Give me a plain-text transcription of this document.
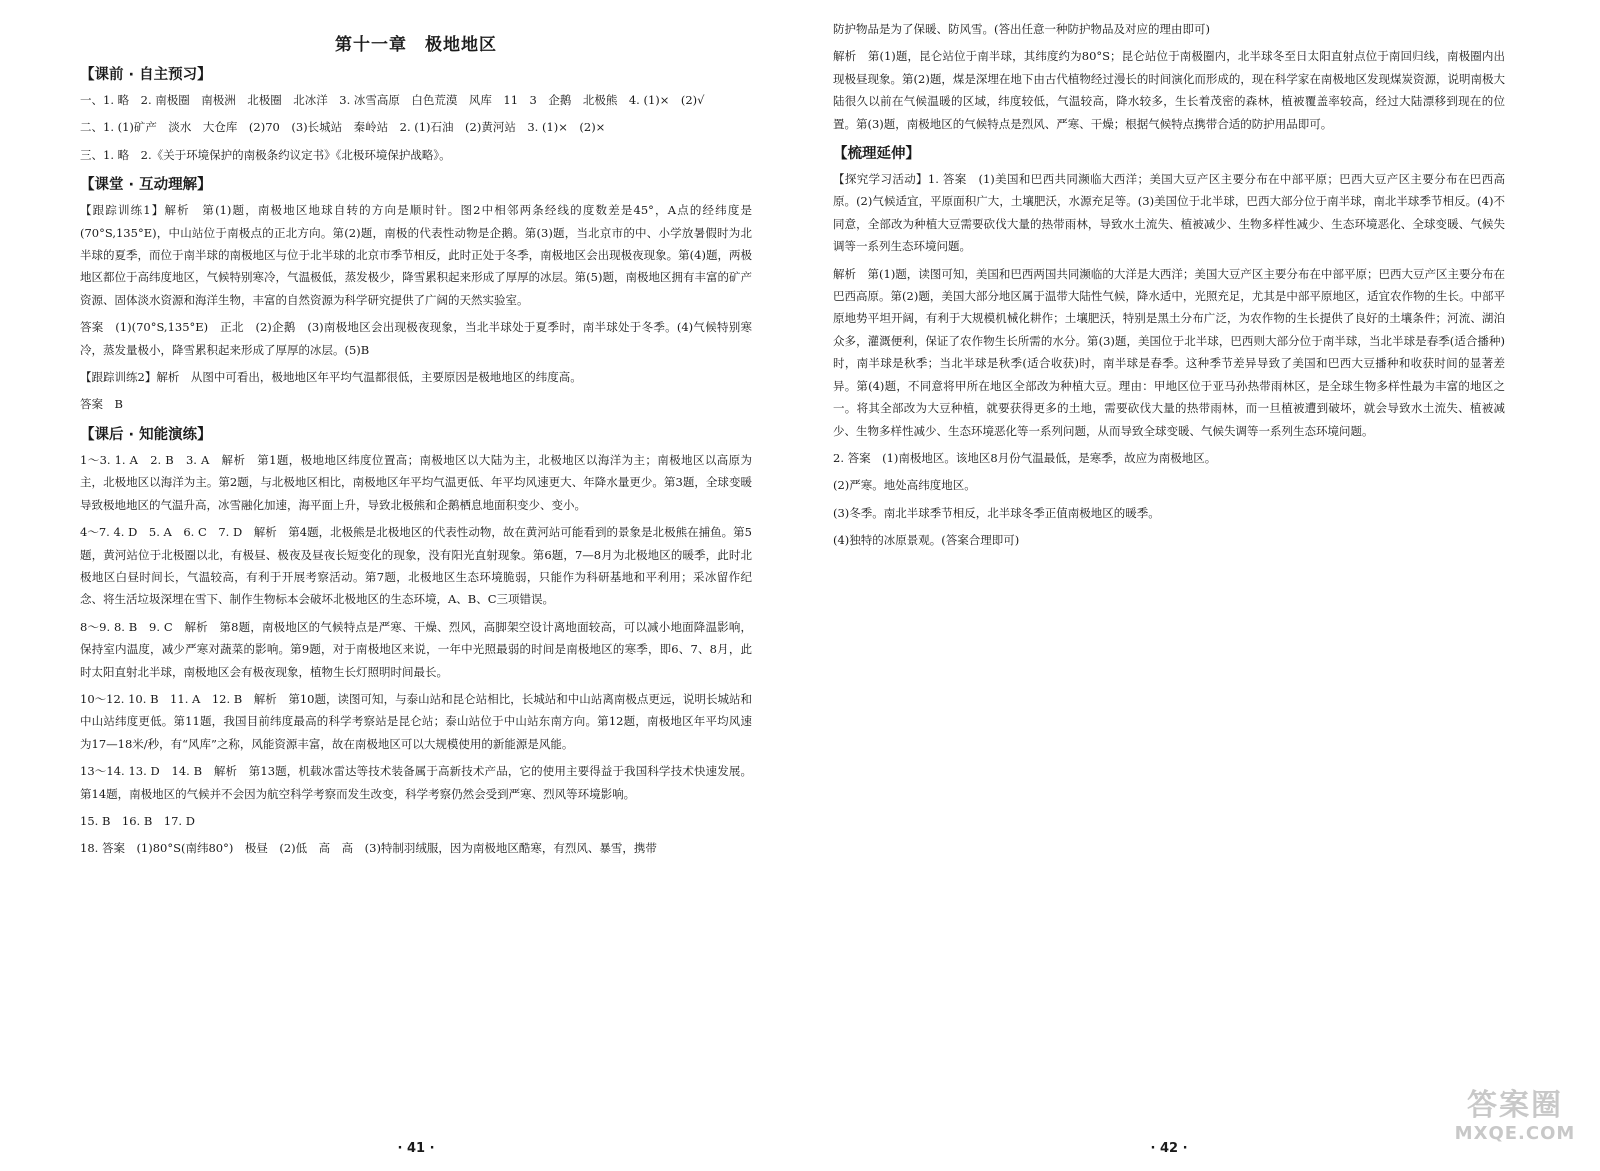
第十一章　极地地区
【课前 · 自主预习】

一、1. 略　2. 南极圈　南极洲　北极圈　北冰洋　3. 冰雪高原　白色荒漠　风库　11　3　企鹅　北极熊　4. (1)×　(2)√

二、1. (1)矿产　淡水　大仓库　(2)70　(3)长城站　秦岭站　2. (1)石油　(2)黄河站　3. (1)×　(2)×

三、1. 略　2.《关于环境保护的南极条约议定书》《北极环境保护战略》。

【课堂 · 互动理解】

【跟踪训练1】解析　第(1)题，南极地区地球自转的方向是顺时针。图2中相邻两条经线的度数差是45°，A点的经纬度是(70°S,135°E)，中山站位于南极点的正北方向。第(2)题，南极的代表性动物是企鹅。第(3)题，当北京市的中、小学放暑假时为北半球的夏季，而位于南半球的南极地区与位于北半球的北京市季节相反，此时正处于冬季，南极地区会出现极夜现象。第(4)题，两极地区都位于高纬度地区，气候特别寒冷，气温极低，蒸发极少，降雪累积起来形成了厚厚的冰层。第(5)题，南极地区拥有丰富的矿产资源、固体淡水资源和海洋生物，丰富的自然资源为科学研究提供了广阔的天然实验室。

答案　(1)(70°S,135°E)　正北　(2)企鹅　(3)南极地区会出现极夜现象，当北半球处于夏季时，南半球处于冬季。(4)气候特别寒冷，蒸发量极小，降雪累积起来形成了厚厚的冰层。(5)B

【跟踪训练2】解析　从图中可看出，极地地区年平均气温都很低，主要原因是极地地区的纬度高。

答案　B

【课后 · 知能演练】

1～3. 1. A　2. B　3. A　解析　第1题，极地地区纬度位置高；南极地区以大陆为主，北极地区以海洋为主；南极地区以高原为主，北极地区以海洋为主。第2题，与北极地区相比，南极地区年平均气温更低、年平均风速更大、年降水量更少。第3题，全球变暖导致极地地区的气温升高，冰雪融化加速，海平面上升，导致北极熊和企鹅栖息地面积变少、变小。

4～7. 4. D　5. A　6. C　7. D　解析　第4题，北极熊是北极地区的代表性动物，故在黄河站可能看到的景象是北极熊在捕鱼。第5题，黄河站位于北极圈以北，有极昼、极夜及昼夜长短变化的现象，没有阳光直射现象。第6题，7—8月为北极地区的暖季，此时北极地区白昼时间长，气温较高，有利于开展考察活动。第7题，北极地区生态环境脆弱，只能作为科研基地和平利用；采冰留作纪念、将生活垃圾深埋在雪下、制作生物标本会破坏北极地区的生态环境，A、B、C三项错误。

8～9. 8. B　9. C　解析　第8题，南极地区的气候特点是严寒、干燥、烈风，高脚架空设计离地面较高，可以减小地面降温影响，保持室内温度，减少严寒对蔬菜的影响。第9题，对于南极地区来说，一年中光照最弱的时间是南极地区的寒季，即6、7、8月，此时太阳直射北半球，南极地区会有极夜现象，植物生长灯照明时间最长。

10～12. 10. B　11. A　12. B　解析　第10题，读图可知，与泰山站和昆仑站相比，长城站和中山站离南极点更远，说明长城站和中山站纬度更低。第11题，我国目前纬度最高的科学考察站是昆仑站；泰山站位于中山站东南方向。第12题，南极地区年平均风速为17—18米/秒，有“风库”之称，风能资源丰富，故在南极地区可以大规模使用的新能源是风能。

13～14. 13. D　14. B　解析　第13题，机载冰雷达等技术装备属于高新技术产品，它的使用主要得益于我国科学技术快速发展。第14题，南极地区的气候并不会因为航空科学考察而发生改变，科学考察仍然会受到严寒、烈风等环境影响。

15. B　16. B　17. D

18. 答案　(1)80°S(南纬80°)　极昼　(2)低　高　高　(3)特制羽绒服，因为南极地区酷寒，有烈风、暴雪，携带

· 41 ·

防护物品是为了保暖、防风雪。(答出任意一种防护物品及对应的理由即可)

解析　第(1)题，昆仑站位于南半球，其纬度约为80°S；昆仑站位于南极圈内，北半球冬至日太阳直射点位于南回归线，南极圈内出现极昼现象。第(2)题，煤是深埋在地下由古代植物经过漫长的时间演化而形成的，现在科学家在南极地区发现煤炭资源，说明南极大陆很久以前在气候温暖的区域，纬度较低，气温较高，降水较多，生长着茂密的森林，植被覆盖率较高，经过大陆漂移到现在的位置。第(3)题，南极地区的气候特点是烈风、严寒、干燥；根据气候特点携带合适的防护用品即可。

【梳理延伸】

【探究学习活动】1. 答案　(1)美国和巴西共同濒临大西洋；美国大豆产区主要分布在中部平原；巴西大豆产区主要分布在巴西高原。(2)气候适宜，平原面积广大，土壤肥沃，水源充足等。(3)美国位于北半球，巴西大部分位于南半球，南北半球季节相反。(4)不同意，全部改为种植大豆需要砍伐大量的热带雨林，导致水土流失、植被减少、生物多样性减少、生态环境恶化、全球变暖、气候失调等一系列生态环境问题。

解析　第(1)题，读图可知，美国和巴西两国共同濒临的大洋是大西洋；美国大豆产区主要分布在中部平原；巴西大豆产区主要分布在巴西高原。第(2)题，美国大部分地区属于温带大陆性气候，降水适中，光照充足，尤其是中部平原地区，适宜农作物的生长。中部平原地势平坦开阔，有利于大规模机械化耕作；土壤肥沃，特别是黑土分布广泛，为农作物的生长提供了良好的土壤条件；河流、湖泊众多，灌溉便利，保证了农作物生长所需的水分。第(3)题，美国位于北半球，巴西则大部分位于南半球，当北半球是春季(适合播种)时，南半球是秋季；当北半球是秋季(适合收获)时，南半球是春季。这种季节差异导致了美国和巴西大豆播种和收获时间的显著差异。第(4)题，不同意将甲所在地区全部改为种植大豆。理由：甲地区位于亚马孙热带雨林区，是全球生物多样性最为丰富的地区之一。将其全部改为大豆种植，就要获得更多的土地，需要砍伐大量的热带雨林，而一旦植被遭到破坏，就会导致水土流失、植被减少、生物多样性减少、生态环境恶化等一系列问题，从而导致全球变暖、气候失调等一系列生态环境问题。

2. 答案　(1)南极地区。该地区8月份气温最低，是寒季，故应为南极地区。

(2)严寒。地处高纬度地区。

(3)冬季。南北半球季节相反，北半球冬季正值南极地区的暖季。

(4)独特的冰原景观。(答案合理即可)

· 42 ·
答案圈
MXQE.COM
